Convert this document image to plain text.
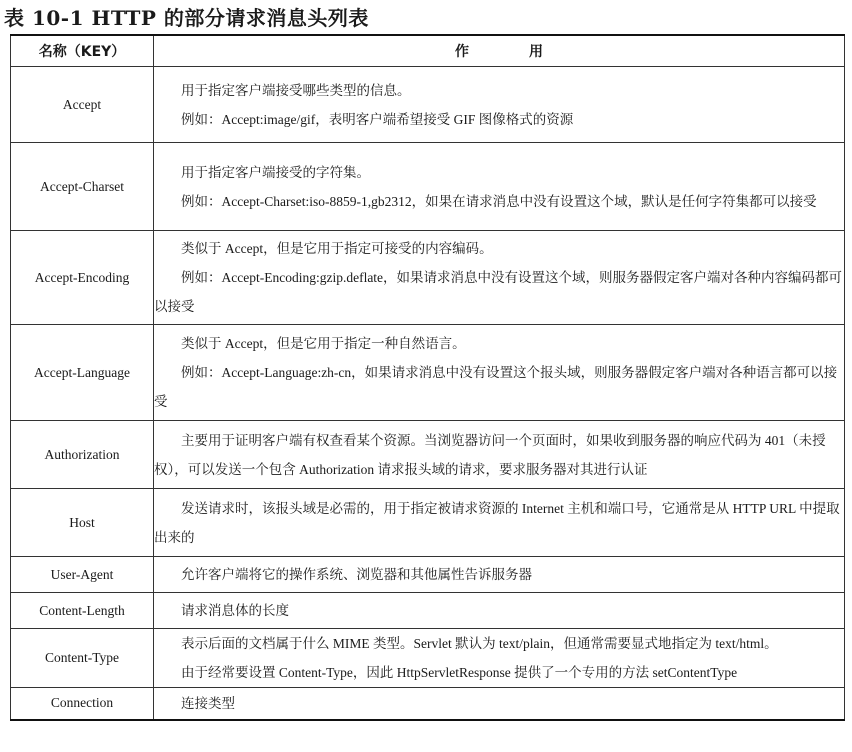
表 10-1 HTTP 的部分请求消息头列表
名称（KEY）	作用
Accept	用于指定客户端接受哪些类型的信息。

例如：Accept:image/gif，表明客户端希望接受 GIF 图像格式的资源

Accept-Charset	用于指定客户端接受的字符集。

例如：Accept-Charset:iso-8859-1,gb2312，如果在请求消息中没有设置这个域，默认是任何字符集都可以接受

Accept-Encoding	类似于 Accept，但是它用于指定可接受的内容编码。

例如：Accept-Encoding:gzip.deflate，如果请求消息中没有设置这个域，则服务器假定客户端对各种内容编码都可以接受

Accept-Language	类似于 Accept，但是它用于指定一种自然语言。

例如：Accept-Language:zh-cn，如果请求消息中没有设置这个报头域，则服务器假定客户端对各种语言都可以接受

Authorization	主要用于证明客户端有权查看某个资源。当浏览器访问一个页面时，如果收到服务器的响应代码为 401（未授权），可以发送一个包含 Authorization 请求报头域的请求，要求服务器对其进行认证

Host	发送请求时，该报头域是必需的，用于指定被请求资源的 Internet 主机和端口号，它通常是从 HTTP URL 中提取出来的

User-Agent	允许客户端将它的操作系统、浏览器和其他属性告诉服务器

Content-Length	请求消息体的长度

Content-Type	表示后面的文档属于什么 MIME 类型。Servlet 默认为 text/plain，但通常需要显式地指定为 text/html。

由于经常要设置 Content-Type，因此 HttpServletResponse 提供了一个专用的方法 setContentType

Connection	连接类型
